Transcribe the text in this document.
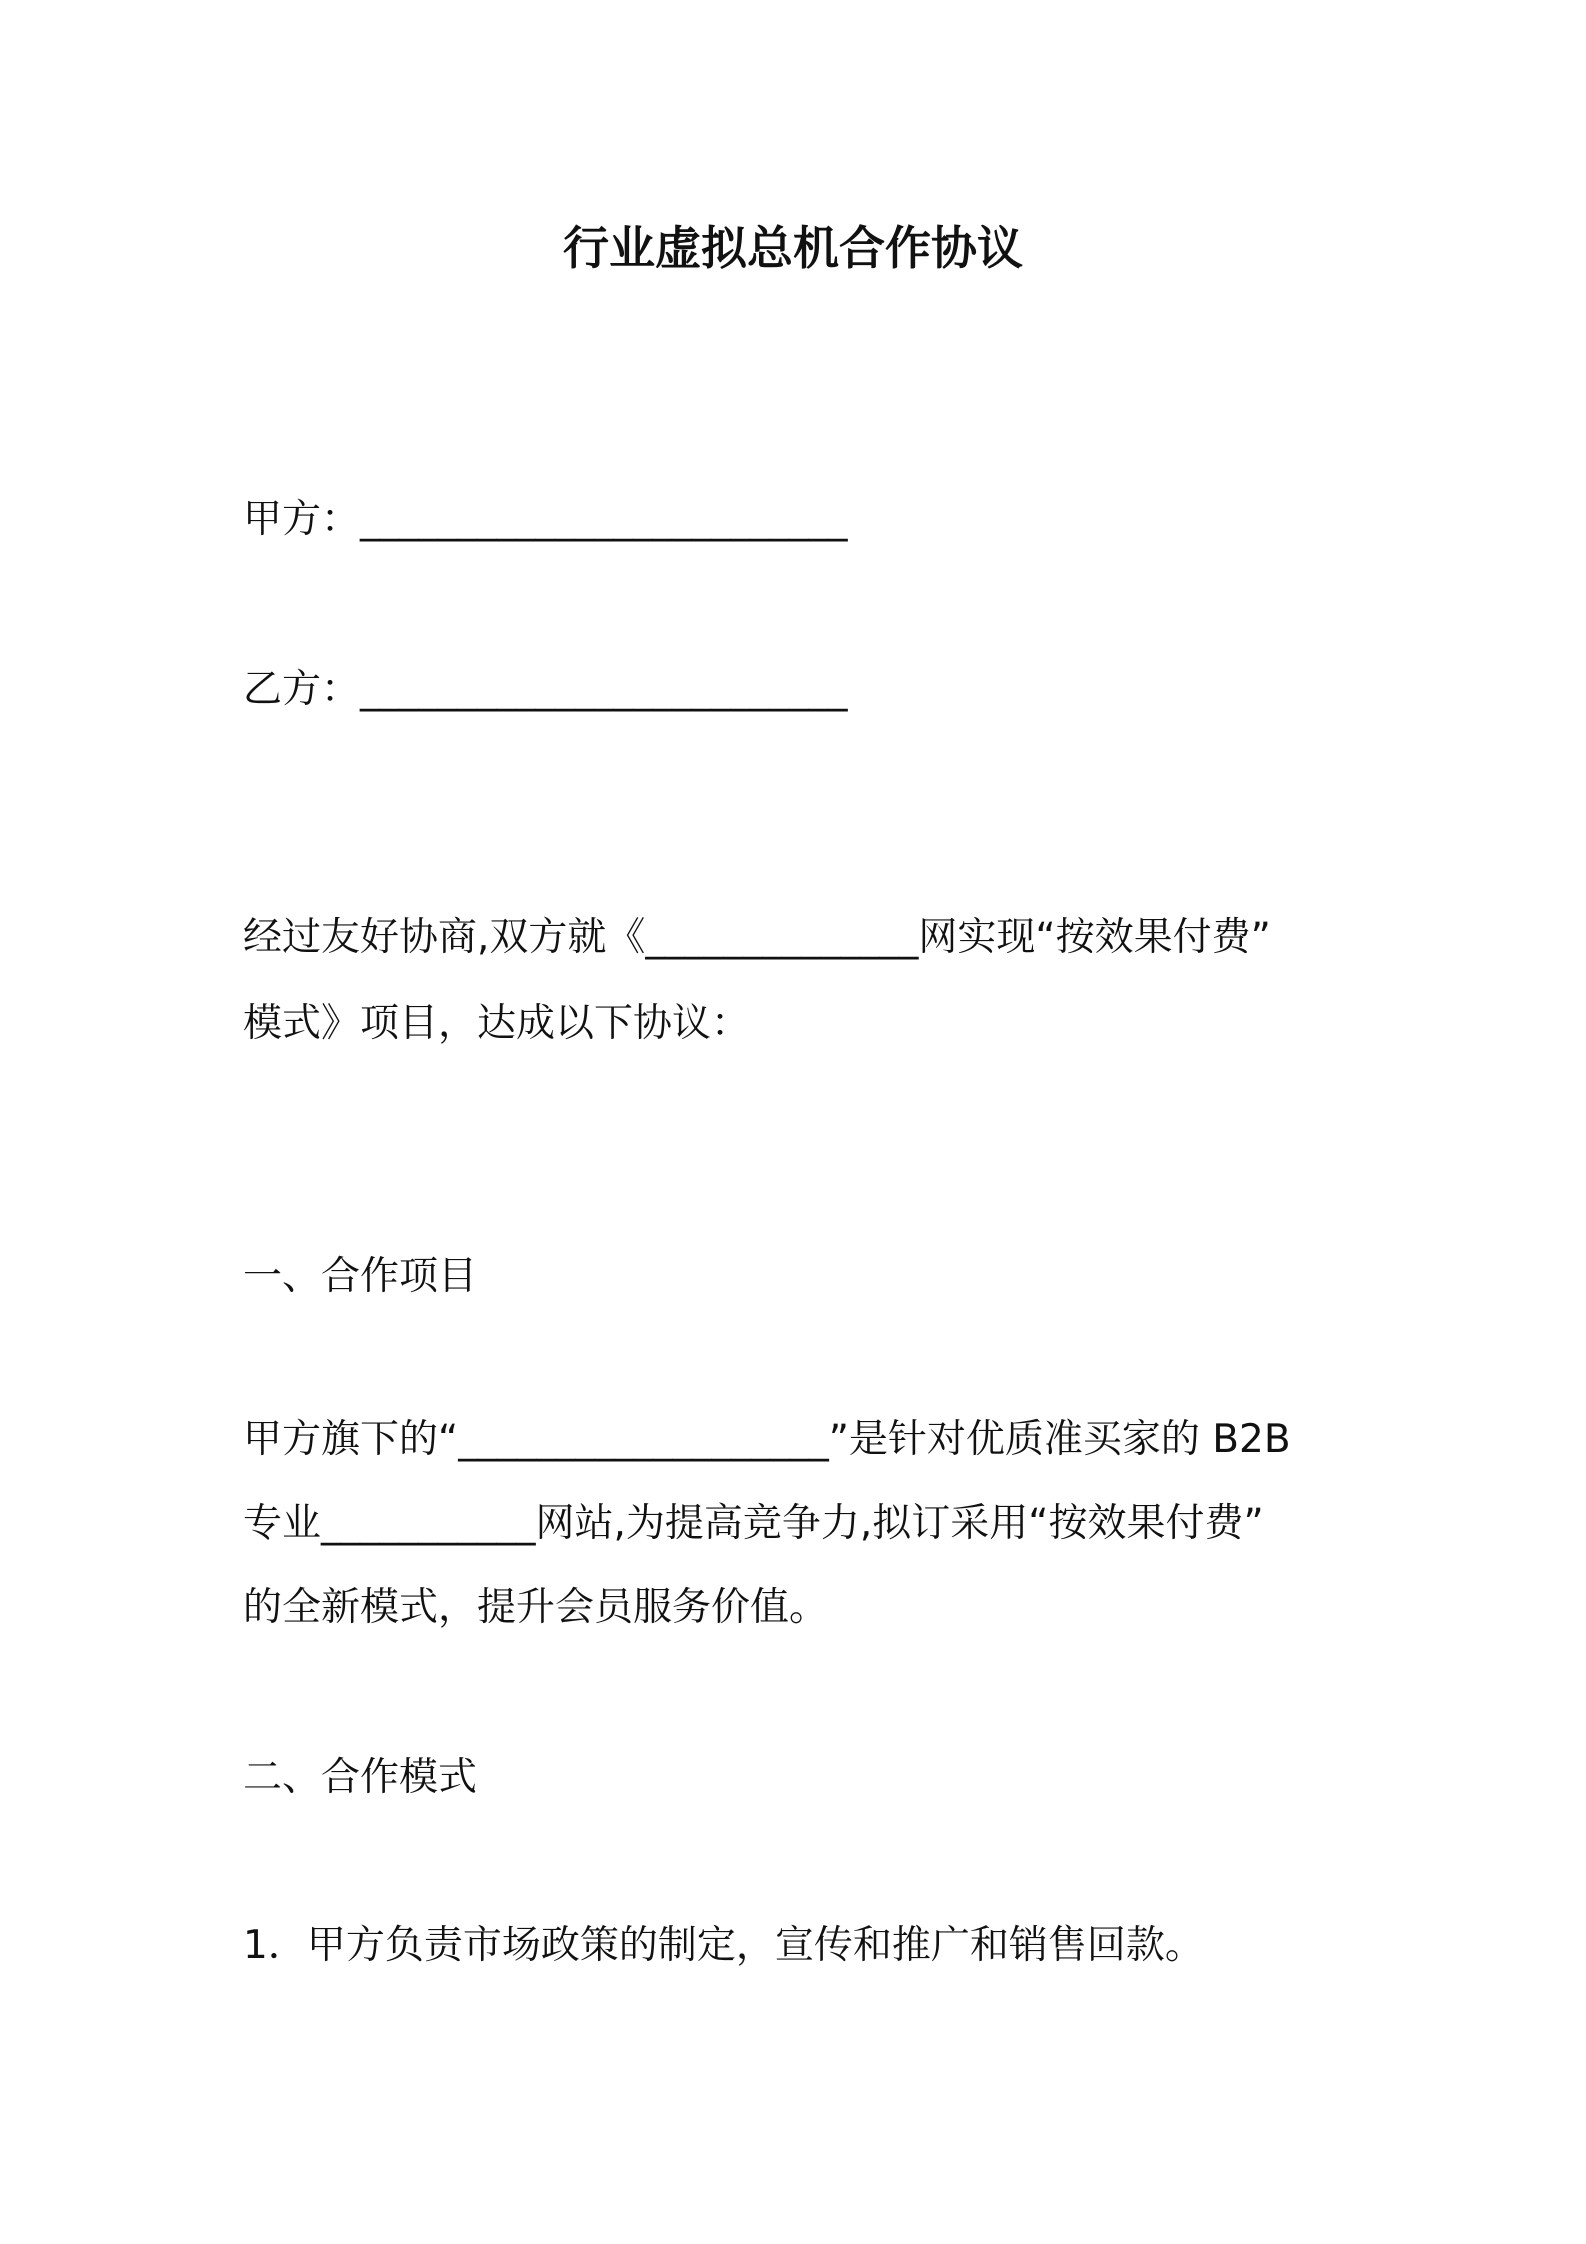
行业虚拟总机合作协议

甲方：_________________________

乙方：_________________________

经过友好协商,双方就《______________网实现“按效果付费”

模式》项目，达成以下协议：

一、合作项目

甲方旗下的“___________________”是针对优质准买家的 B2B

专业___________网站,为提高竞争力,拟订采用“按效果付费”

的全新模式，提升会员服务价值。

二、合作模式

1．甲方负责市场政策的制定，宣传和推广和销售回款。
